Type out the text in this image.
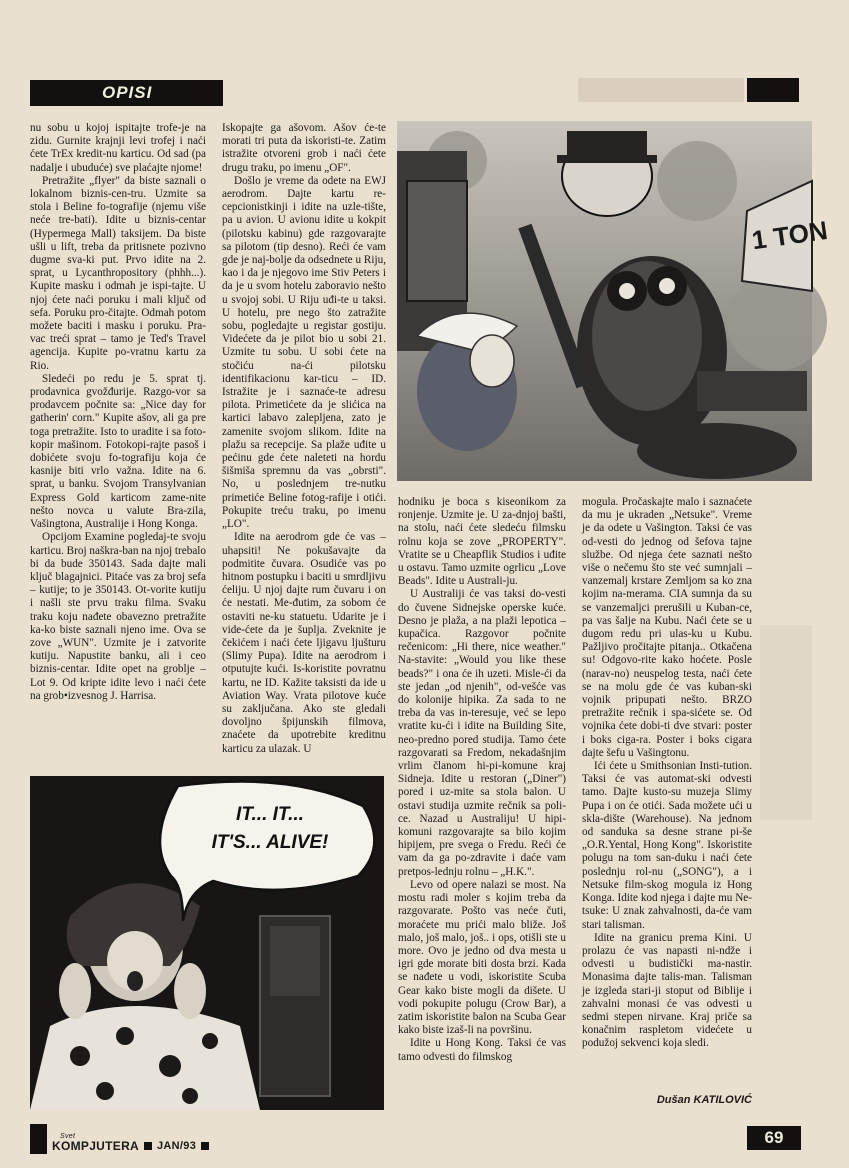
OPISI
1 TON
IT... IT...
IT'S... ALIVE!

nu sobu u kojoj ispitajte trofe-je na zidu. Gurnite krajnji levi trofej i naći ćete TrEx kredit-nu karticu. Od sad (pa nadalje i ubuduće) sve plaćajte njome!

Pretražite „flyer" da biste saznali o lokalnom biznis-cen-tru. Uzmite sa stola i Beline fo-tografije (njemu više neće tre-bati). Idite u biznis-centar (Hypermega Mall) taksijem. Da biste ušli u lift, treba da pritisnete pozivno dugme sva-ki put. Prvo idite na 2. sprat, u Lycanthropository (phhh...). Kupite masku i odmah je ispi-tajte. U njoj ćete naći poruku i mali ključ od sefa. Poruku pro-čitajte. Odmah potom možete baciti i masku i poruku. Pra-vac treći sprat – tamo je Ted's Travel agencija. Kupite po-vratnu kartu za Rio.

Sledeći po redu je 5. sprat tj. prodavnica gvožđurije. Razgo-vor sa prodavcem počnite sa: „Nice day for gatherin' corn." Kupite ašov, ali ga pre toga pretražite. Isto to uradite i sa foto-kopir mašinom. Fotokopi-rajte pasoš i dobićete svoju fo-tografiju koja će kasnije biti vrlo važna. Idite na 6. sprat, u banku. Svojom Transylvanian Express Gold karticom zame-nite nešto novca u valute Bra-zila, Vašingtona, Australije i Hong Konga.

Opcijom Examine pogledaj-te svoju karticu. Broj naškra-ban na njoj trebalo bi da bude 350143. Sada dajte mali ključ blagajnici. Pitaće vas za broj sefa – kutije; to je 350143. Ot-vorite kutiju i našli ste prvu traku filma. Svaku traku koju nađete obavezno pretražite ka-ko biste saznali njeno ime. Ova se zove „WUN". Uzmite je i zatvorite kutiju. Napustite banku, ali i ceo biznis-centar. Idite opet na groblje – Lot 9. Od kripte idite levo i naći ćete na grob•izvesnog J. Harrisa.

Iskopajte ga ašovom. Ašov će-te morati tri puta da iskoristi-te. Zatim istražite otvoreni grob i naći ćete drugu traku, po imenu „OF".

Došlo je vreme da odete na EWJ aerodrom. Dajte kartu re-cepcionistkinji i idite na uzle-tište, pa u avion. U avionu idite u kokpit (pilotsku kabinu) gde razgovarajte sa pilotom (tip desno). Reći će vam gde je naj-bolje da odsednete u Riju, kao i da je njegovo ime Stiv Peters i da je u svom hotelu zaboravio nešto u svojoj sobi. U Riju uđi-te u taksi. U hotelu, pre nego što zatražite sobu, pogledajte u registar gostiju. Videćete da je pilot bio u sobi 21. Uzmite tu sobu. U sobi ćete na stočiću na-ći pilotsku identifikacionu kar-ticu – ID. Istražite je i saznaće-te adresu pilota. Primetićete da je slićica na kartici labavo zalepljena, zato je zamenite svojom slikom. Idite na plažu sa recepcije. Sa plaže uđite u pećinu gde ćete naleteti na hordu šišmiša spremnu da vas „obrsti". No, u poslednjem tre-nutku primetiće Beline fotog-rafije i otići. Pokupite treću traku, po imenu „LO".

Idite na aerodrom gde će vas – uhapsiti! Ne pokušavajte da podmitite čuvara. Osudiće vas po hitnom postupku i baciti u smrdljivu ćeliju. U njoj dajte rum čuvaru i on će nestati. Me-đutim, za sobom će ostaviti ne-ku statuetu. Udarite je i vide-ćete da je šuplja. Zveknite je čekićem i naći ćete ljigavu ljušturu (Slimy Pupa). Idite na aerodrom i otputujte kući. Is-koristite povratnu kartu, ne ID. Kažite taksisti da ide u Aviation Way. Vrata pilotove kuće su zaključana. Ako ste gledali dovoljno špijunskih filmova, znaćete da upotrebite kreditnu karticu za ulazak. U

hodniku je boca s kiseonikom za ronjenje. Uzmite je. U za-dnjoj bašti, na stolu, naći ćete sledeću filmsku rolnu koja se zove „PROPERTY". Vratite se u Cheapflik Studios i uđite u ostavu. Tamo uzmite ogrlicu „Love Beads". Idite u Australi-ju.

U Australiji će vas taksi do-vesti do čuvene Sidnejske operske kuće. Desno je plaža, a na plaži lepotica – kupačica. Razgovor počnite rečenicom: „Hi there, nice weather." Na-stavite: „Would you like these beads?" i ona će ih uzeti. Misle-ći da ste jedan „od njenih", od-vešće vas do kolonije hipika. Za sada to ne treba da vas in-teresuje, već se lepo vratite ku-ći i idite na Building Site, neo-predno pored studija. Tamo ćete razgovarati sa Fredom, nekadašnjim vrlim članom hi-pi-komune kraj Sidneja. Idite u restoran („Diner") pored i uz-mite sa stola balon. U ostavi studija uzmite rečnik sa poli-ce. Nazad u Australiju! U hipi-komuni razgovarajte sa bilo kojim hipijem, pre svega o Fredu. Reći će vam da ga po-zdravite i daće vam pretpos-lednju rolnu – „H.K.".

Levo od opere nalazi se most. Na mostu radi moler s kojim treba da razgovarate. Pošto vas neće čuti, moraćete mu prići malo bliže. Još malo, još malo, još.. i ops, otišli ste u more. Ovo je jedno od dva mesta u igri gde morate biti dosta brzi. Kada se nađete u vodi, iskoristite Scuba Gear kako biste mogli da dišete. U vodi pokupite polugu (Crow Bar), a zatim iskoristite balon na Scuba Gear kako biste izaš-li na površinu.

Idite u Hong Kong. Taksi će vas tamo odvesti do filmskog

mogula. Pročaskajte malo i saznaćete da mu je ukraden „Netsuke". Vreme je da odete u Vašington. Taksi će vas od-vesti do jednog od šefova tajne službe. Od njega ćete saznati nešto više o nečemu što ste već sumnjali – vanzemalj krstare Zemljom sa ko zna kojim na-merama. CIA sumnja da su se vanzemaljci prerušili u Kuban-ce, pa vas šalje na Kubu. Naći ćete se u dugom redu pri ulas-ku u Kubu. Pažljivo pročitajte pitanja.. Otkačena su! Odgovo-rite kako hoćete. Posle (narav-no) neuspelog testa, naći ćete se na molu gde će vas kuban-ski vojnik pripupati nešto. BRZO pretražite rečnik i spa-sićete se. Od vojnika ćete dobi-ti dve stvari: poster i boks ciga-ra. Poster i boks cigara dajte šefu u Vašingtonu.

Ići ćete u Smithsonian Insti-tution. Taksi će vas automat-ski odvesti tamo. Dajte kusto-su muzeja Slimy Pupa i on će otići. Sada možete ući u skla-dište (Warehouse). Na jednom od sanduka sa desne strane pi-še „O.R.Yental, Hong Kong". Iskoristite polugu na tom san-duku i naći ćete poslednju rol-nu („SONG"), a i Netsuke film-skog mogula iz Hong Konga. Idite kod njega i dajte mu Ne-tsuke: U znak zahvalnosti, da-će vam stari talisman.

Idite na granicu prema Kini. U prolazu će vas napasti ni-ndže i odvesti u budistički ma-nastir. Monasima dajte talis-man. Talisman je izgleda stari-ji stoput od Biblije i zahvalni monasi će vas odvesti u sedmi stepen nirvane. Kraj priče sa konačnim raspletom videćete u podužoj sekvenci koja sledi.

Dušan KATILOVIĆ
Svet
KOMPJUTERA JAN/93	69
